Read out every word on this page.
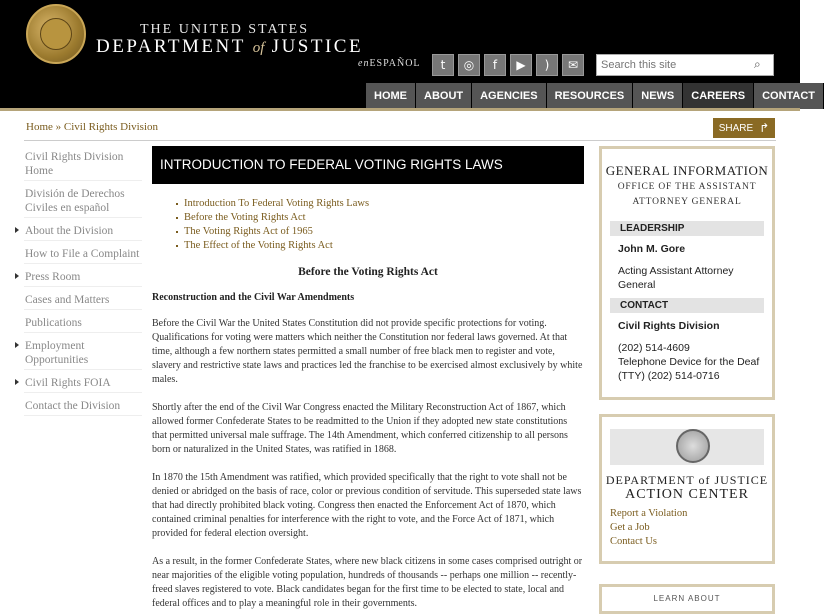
THE UNITED STATES
DEPARTMENT of JUSTICE
enESPAÑOL	t	◎	f	▶	)	✉
Search this site	⌕
HOME	ABOUT	AGENCIES	RESOURCES	NEWS	CAREERS	CONTACT
Home » Civil Rights Division	SHARE ↱
Civil Rights Division Home
División de Derechos Civiles en español
About the Division
How to File a Complaint
Press Room
Cases and Matters
Publications
Employment Opportunities
Civil Rights FOIA
Contact the Division
INTRODUCTION TO FEDERAL VOTING RIGHTS LAWS
Introduction To Federal Voting Rights Laws
Before the Voting Rights Act
The Voting Rights Act of 1965
The Effect of the Voting Rights Act
Before the Voting Rights Act
Reconstruction and the Civil War Amendments

Before the Civil War the United States Constitution did not provide specific protections for voting. Qualifications for voting were matters which neither the Constitution nor federal laws governed. At that time, although a few northern states permitted a small number of free black men to register and vote, slavery and restrictive state laws and practices led the franchise to be exercised almost exclusively by white males.

Shortly after the end of the Civil War Congress enacted the Military Reconstruction Act of 1867, which allowed former Confederate States to be readmitted to the Union if they adopted new state constitutions that permitted universal male suffrage. The 14th Amendment, which conferred citizenship to all persons born or naturalized in the United States, was ratified in 1868.

In 1870 the 15th Amendment was ratified, which provided specifically that the right to vote shall not be denied or abridged on the basis of race, color or previous condition of servitude. This superseded state laws that had directly prohibited black voting. Congress then enacted the Enforcement Act of 1870, which contained criminal penalties for interference with the right to vote, and the Force Act of 1871, which provided for federal election oversight.

As a result, in the former Confederate States, where new black citizens in some cases comprised outright or near majorities of the eligible voting population, hundreds of thousands -- perhaps one million -- recently-freed slaves registered to vote. Black candidates began for the first time to be elected to state, local and federal offices and to play a meaningful role in their governments.

GENERAL INFORMATION
OFFICE OF THE ASSISTANT
ATTORNEY GENERAL
LEADERSHIP
John M. Gore
Acting Assistant Attorney General
CONTACT
Civil Rights Division
(202) 514-4609
Telephone Device for the Deaf
(TTY) (202) 514-0716
DEPARTMENT of JUSTICE
ACTION CENTER
Report a Violation
Get a Job
Contact Us
LEARN ABOUT
